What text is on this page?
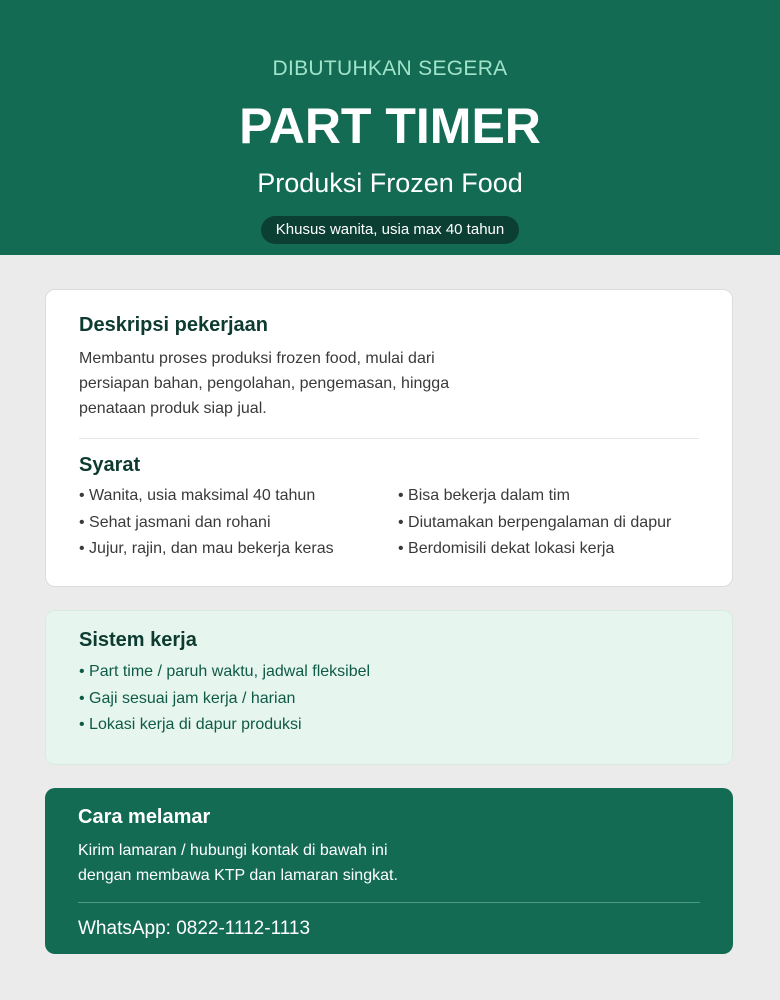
DIBUTUHKAN SEGERA
PART TIMER
Produksi Frozen Food
Khusus wanita, usia max 40 tahun
Deskripsi pekerjaan
Membantu proses produksi frozen food, mulai dari
persiapan bahan, pengolahan, pengemasan, hingga
penataan produk siap jual.
Syarat
• Wanita, usia maksimal 40 tahun
• Sehat jasmani dan rohani
• Jujur, rajin, dan mau bekerja keras
• Bisa bekerja dalam tim
• Diutamakan berpengalaman di dapur
• Berdomisili dekat lokasi kerja
Sistem kerja
• Part time / paruh waktu, jadwal fleksibel
• Gaji sesuai jam kerja / harian
• Lokasi kerja di dapur produksi
Cara melamar
Kirim lamaran / hubungi kontak di bawah ini
dengan membawa KTP dan lamaran singkat.
WhatsApp: 0822-1112-1113
